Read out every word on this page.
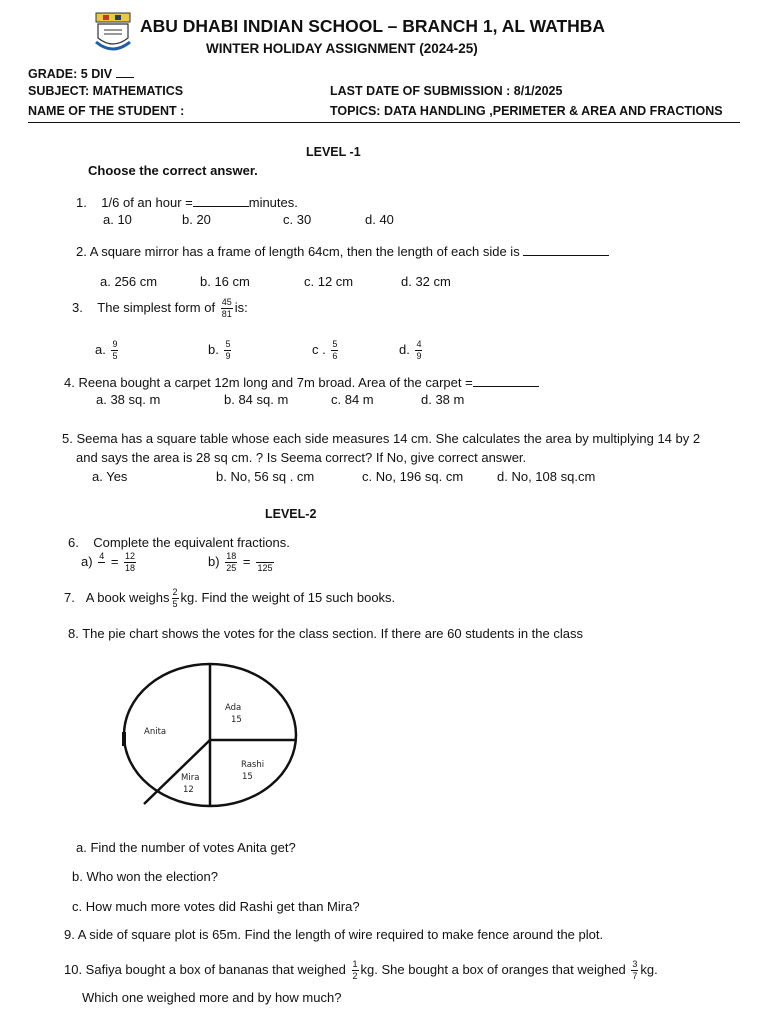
ABU DHABI INDIAN SCHOOL – BRANCH 1, AL WATHBA
WINTER HOLIDAY ASSIGNMENT (2024-25)
GRADE: 5 DIV
SUBJECT: MATHEMATICS	LAST DATE OF SUBMISSION : 8/1/2025
NAME OF THE STUDENT :	TOPICS: DATA HANDLING ,PERIMETER & AREA AND FRACTIONS
LEVEL -1
Choose the correct answer.
1. 1/6 of an hour =	minutes.
a. 10	b. 20	c. 30	d. 40
2. A square mirror has a frame of length 64cm, then the length of each side is
a. 256 cm	b. 16 cm	c. 12 cm	d. 32 cm
3. The simplest form of $\frac{45}{81}$ is:
a. $\frac{9}{5}$	b. $\frac{5}{9}$	c . $\frac{5}{6}$	d. $\frac{4}{9}$
4. Reena bought a carpet 12m long and 7m broad. Area of the carpet =
a. 38 sq. m	b. 84 sq. m	c. 84 m	d. 38 m
5. Seema has a square table whose each side measures 14 cm. She calculates the area by multiplying 14 by 2
and says the area is 28 sq cm. ? Is Seema correct? If No, give correct answer.
a. Yes	b. No, 56 sq . cm	c. No, 196 sq. cm	d. No, 108 sq.cm
LEVEL-2
6. Complete the equivalent fractions.
a) 4
= $\frac{12}{18}$	$b) \frac{18}{25}$ =
125
7. A book weighs $\frac{2}{5}$ kg. Find the weight of 15 such books.
8. The pie chart shows the votes for the class section. If there are 60 students in the class
Anita
Ada
15
Rashi
15
Mira
12
a. Find the number of votes Anita get?
b. Who won the election?
c. How much more votes did Rashi get than Mira?
9. A side of square plot is 65m. Find the length of wire required to make fence around the plot.
10. Safiya bought a box of bananas that weighed $\frac{1}{2}$ kg. She bought a box of oranges that weighed $\frac{3}{7}$ kg.
Which one weighed more and by how much?
